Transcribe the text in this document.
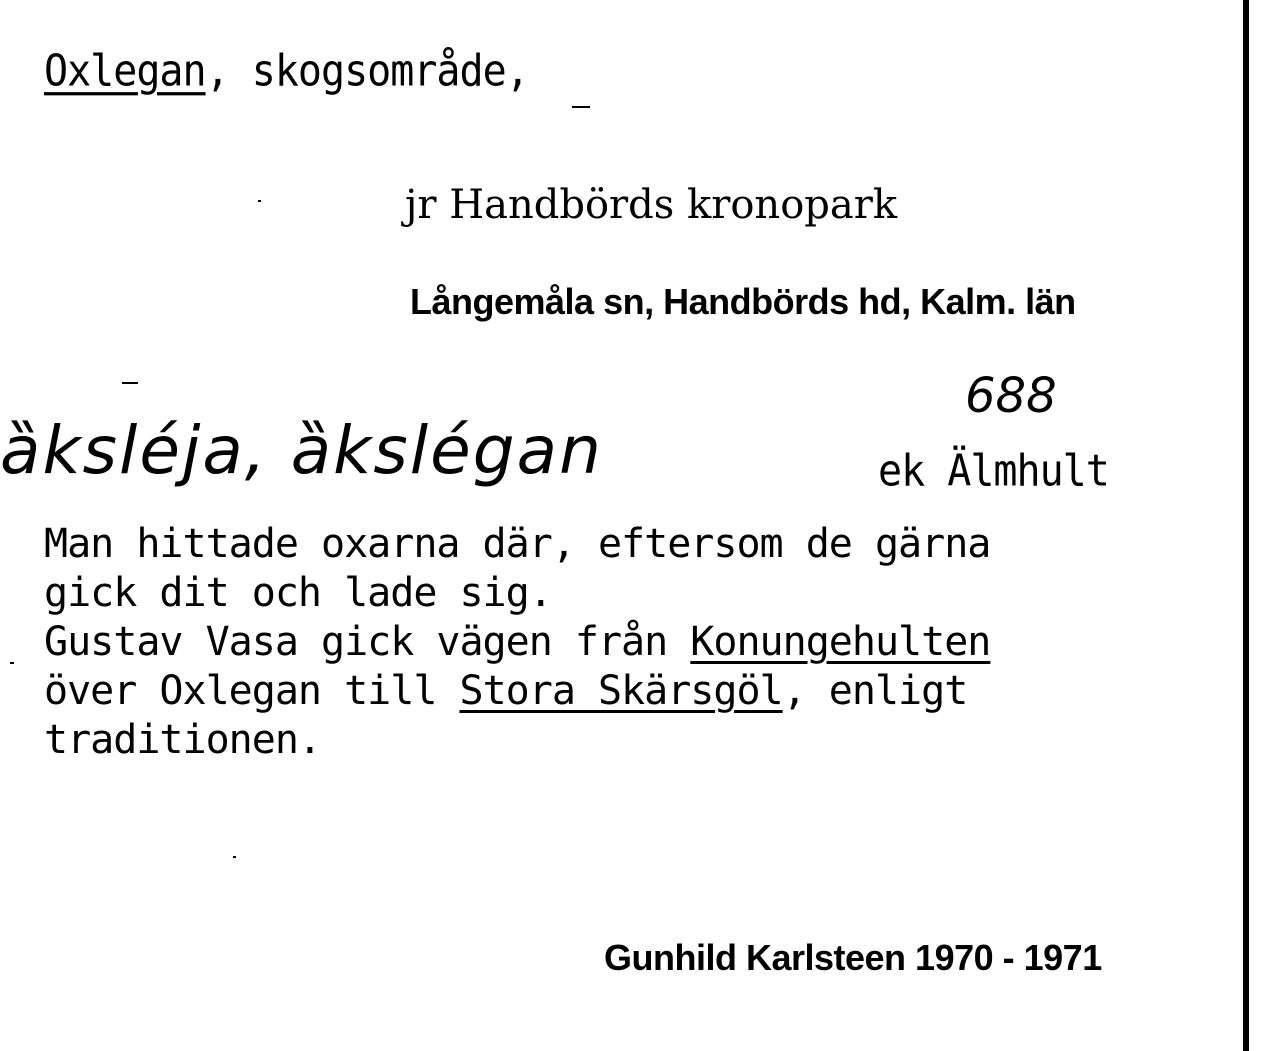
Oxlegan, skogsområde,
jr Handbörds kronopark
Långemåla sn, Handbörds hd, Kalm. län
688
ȁksléja, ȁkslégan	ek Älmhult
Man hittade oxarna där, eftersom de gärna
gick dit och lade sig.
Gustav Vasa gick vägen från Konungehulten
över Oxlegan till Stora Skärsgöl, enligt
traditionen.
Gunhild Karlsteen 1970 - 1971
